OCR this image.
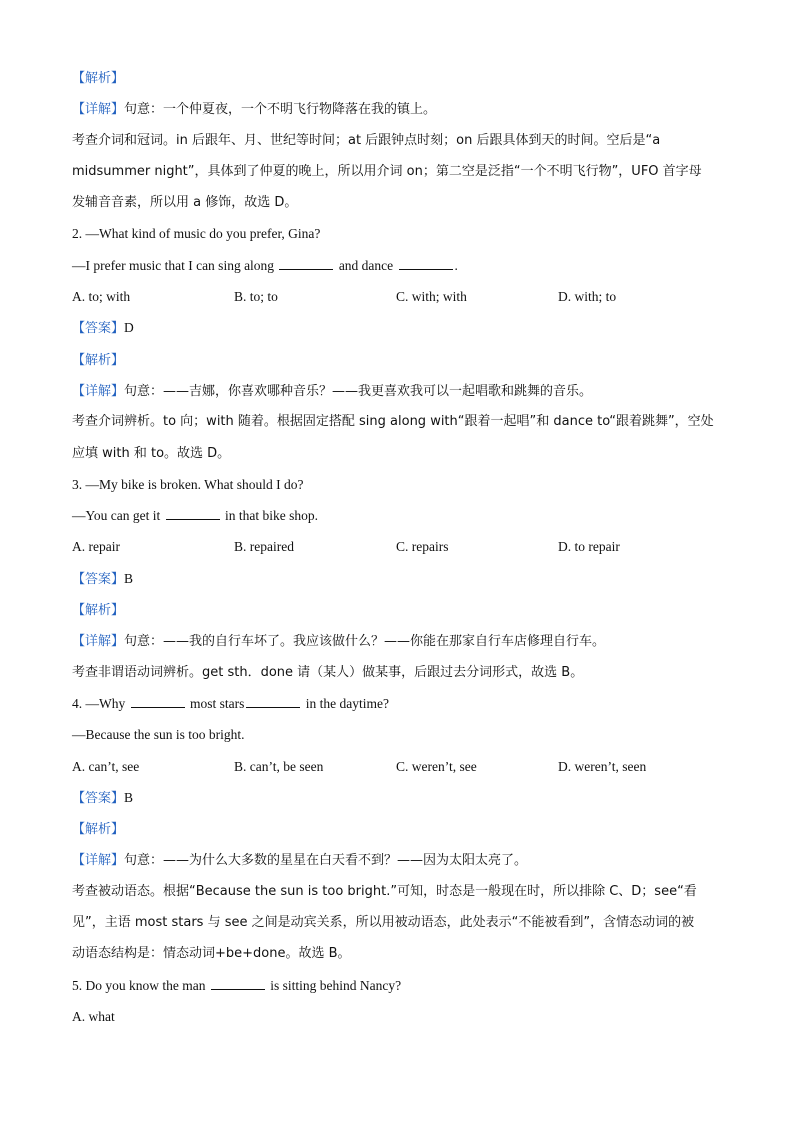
【解析】
【详解】句意：一个仲夏夜，一个不明飞行物降落在我的镇上。
考查介词和冠词。in 后跟年、月、世纪等时间；at 后跟钟点时刻；on 后跟具体到天的时间。空后是“a
midsummer night”，具体到了仲夏的晚上，所以用介词 on；第二空是泛指“一个不明飞行物”，UFO 首字母
发辅音音素，所以用 a 修饰，故选 D。
2. —What kind of music do you prefer, Gina?
—I prefer music that I can sing along	and dance	.
A. to; with	B. to; to	C. with; with	D. with; to
【答案】D
【解析】
【详解】句意：——吉娜，你喜欢哪种音乐？——我更喜欢我可以一起唱歌和跳舞的音乐。
考查介词辨析。to 向；with 随着。根据固定搭配 sing along with“跟着一起唱”和 dance to“跟着跳舞”，空处
应填 with 和 to。故选 D。
3. —My bike is broken. What should I do?
—You can get it	in that bike shop.
A. repair	B. repaired	C. repairs	D. to repair
【答案】B
【解析】
【详解】句意：——我的自行车坏了。我应该做什么？——你能在那家自行车店修理自行车。
考查非谓语动词辨析。get sth．done 请（某人）做某事，后跟过去分词形式，故选 B。
4. —Why	most stars	in the daytime?
—Because the sun is too bright.
A. can’t, see	B. can’t, be seen	C. weren’t, see	D. weren’t, seen
【答案】B
【解析】
【详解】句意：——为什么大多数的星星在白天看不到？——因为太阳太亮了。
考查被动语态。根据“Because the sun is too bright.”可知，时态是一般现在时，所以排除 C、D；see“看
见”，主语 most stars 与 see 之间是动宾关系，所以用被动语态，此处表示“不能被看到”，含情态动词的被
动语态结构是：情态动词+be+done。故选 B。
5. Do you know the man	is sitting behind Nancy?
A. what
